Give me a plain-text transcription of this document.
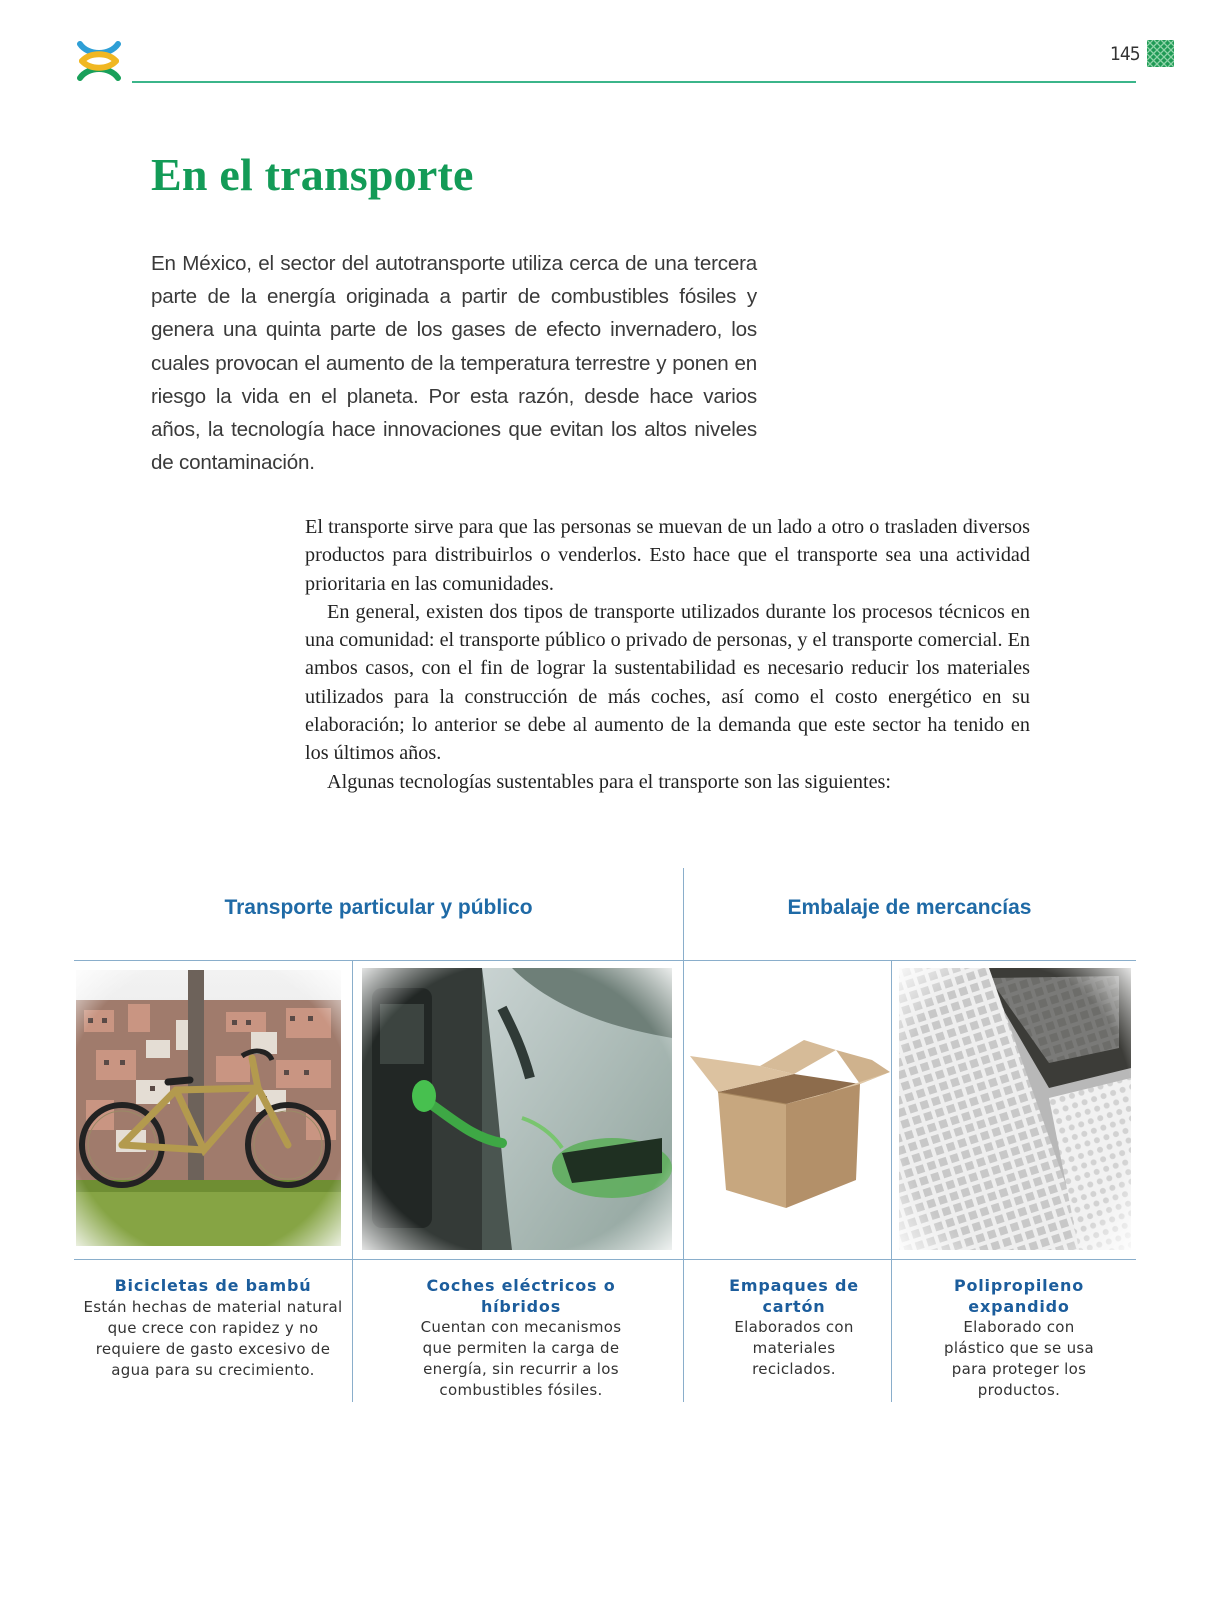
145
En el transporte

En México, el sector del autotransporte utiliza cerca de una tercera parte de la energía originada a partir de combustibles fósiles y genera una quinta parte de los gases de efecto invernadero, los cuales provocan el aumento de la temperatura terrestre y ponen en riesgo la vida en el planeta. Por esta razón, desde hace varios años, la tecnología hace innovaciones que evitan los altos niveles de contaminación.

El transporte sirve para que las personas se muevan de un lado a otro o trasladen diversos productos para distribuirlos o venderlos. Esto hace que el transporte sea una actividad prioritaria en las comunidades.

En general, existen dos tipos de transporte utilizados durante los procesos técnicos en una comunidad: el transporte público o privado de personas, y el transporte comercial. En ambos casos, con el fin de lograr la sustentabilidad es necesario reducir los materiales utilizados para la construcción de más coches, así como el costo energético en su elaboración; lo anterior se debe al aumento de la demanda que este sector ha tenido en los últimos años.

Algunas tecnologías sustentables para el transporte son las siguientes:

Transporte particular y público	Embalaje de mercancías
Bicicletas de bambú
Están hechas de material natural que crece con rapidez y no requiere de gasto excesivo de agua para su crecimiento.
Coches eléctricos o híbridos
Cuentan con mecanismos que permiten la carga de energía, sin recurrir a los combustibles fósiles.
Empaques de cartón
Elaborados con materiales reciclados.
Polipropileno expandido
Elaborado con plástico que se usa para proteger los productos.
